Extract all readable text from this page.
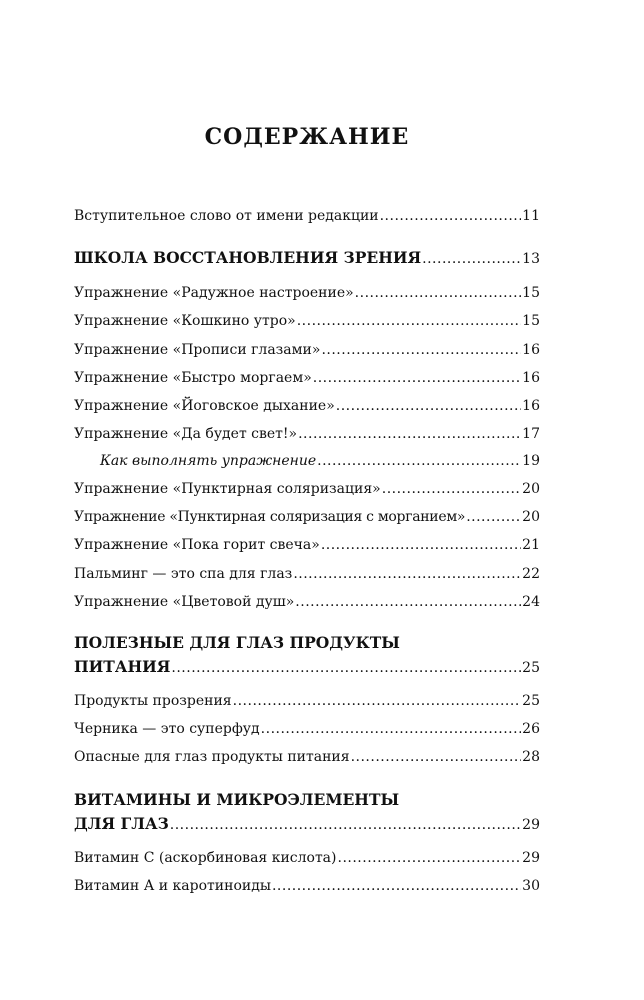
СОДЕРЖАНИЕ
Вступительное слово от имени редакции .....	11
ШКОЛА ВОССТАНОВЛЕНИЯ ЗРЕНИЯ .....	13
Упражнение «Радужное настроение» .....	15
Упражнение «Кошкино утро» .....	15
Упражнение «Прописи глазами» .....	16
Упражнение «Быстро моргаем» .....	16
Упражнение «Йоговское дыхание» .....	16
Упражнение «Да будет свет!» .....	17
Как выполнять упражнение .....	19
Упражнение «Пунктирная соляризация» .....	20
Упражнение «Пунктирная соляризация с морганием» .....	20
Упражнение «Пока горит свеча» .....	21
Пальминг — это спа для глаз .....	22
Упражнение «Цветовой душ» .....	24
ПОЛЕЗНЫЕ ДЛЯ ГЛАЗ ПРОДУКТЫ
ПИТАНИЯ .....	25
Продукты прозрения .....	25
Черника — это суперфуд .....	26
Опасные для глаз продукты питания .....	28
ВИТАМИНЫ И МИКРОЭЛЕМЕНТЫ
ДЛЯ ГЛАЗ .....	29
Витамин С (аскорбиновая кислота) .....	29
Витамин А и каротиноиды .....	30
